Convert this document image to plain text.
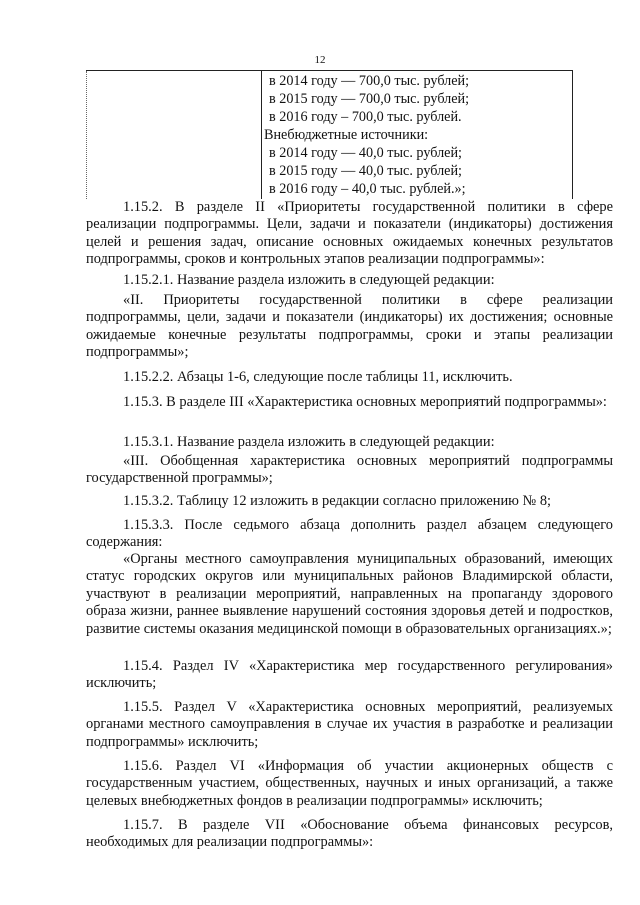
12
в 2014 году — 700,0 тыс. рублей;
в 2015 году — 700,0 тыс. рублей;
в 2016 году – 700,0 тыс. рублей.
Внебюджетные источники:
в 2014 году — 40,0 тыс. рублей;
в 2015 году — 40,0 тыс. рублей;
в 2016 году – 40,0 тыс. рублей.»;

1.15.2. В разделе II «Приоритеты государственной политики в сфере реализации подпрограммы. Цели, задачи и показатели (индикаторы) достижения целей и решения задач, описание основных ожидаемых конечных результатов подпрограммы, сроков и контрольных этапов реализации подпрограммы»:

1.15.2.1. Название раздела изложить в следующей редакции:

«II. Приоритеты государственной политики в сфере реализации подпрограммы, цели, задачи и показатели (индикаторы) их достижения; основные ожидаемые конечные результаты подпрограммы, сроки и этапы реализации подпрограммы»;

1.15.2.2. Абзацы 1-6, следующие после таблицы 11, исключить.

1.15.3. В разделе III «Характеристика основных мероприятий подпрограммы»:

1.15.3.1. Название раздела изложить в следующей редакции:

«III. Обобщенная характеристика основных мероприятий подпрограммы государственной программы»;

1.15.3.2. Таблицу 12 изложить в редакции согласно приложению № 8;

1.15.3.3. После седьмого абзаца дополнить раздел абзацем следующего содержания:

«Органы местного самоуправления муниципальных образований, имеющих статус городских округов или муниципальных районов Владимирской области, участвуют в реализации мероприятий, направленных на пропаганду здорового образа жизни, раннее выявление нарушений состояния здоровья детей и подростков, развитие системы оказания медицинской помощи в образовательных организациях.»;

1.15.4. Раздел IV «Характеристика мер государственного регулирования» исключить;

1.15.5. Раздел V «Характеристика основных мероприятий, реализуемых органами местного самоуправления в случае их участия в разработке и реализации подпрограммы» исключить;

1.15.6. Раздел VI «Информация об участии акционерных обществ с государственным участием, общественных, научных и иных организаций, а также целевых внебюджетных фондов в реализации подпрограммы» исключить;

1.15.7. В разделе VII «Обоснование объема финансовых ресурсов, необходимых для реализации подпрограммы»:
